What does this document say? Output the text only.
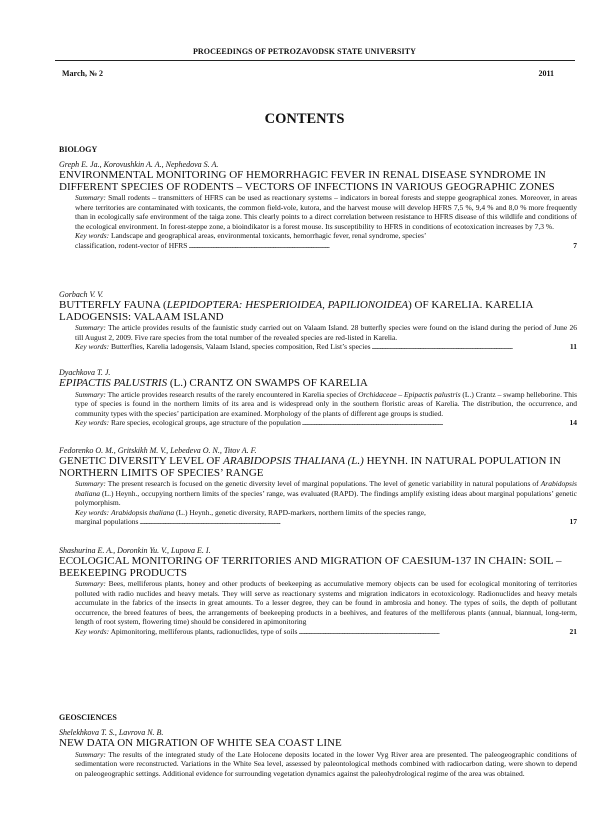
PROCEEDINGS OF PETROZAVODSK STATE UNIVERSITY
March, № 2	2011
CONTENTS
BIOLOGY
Greph E. Ja., Korovushkin A. A., Nephedova S. A.
ENVIRONMENTAL MONITORING OF HEMORRHAGIC FEVER IN RENAL DISEASE SYNDROME IN DIFFERENT SPECIES OF RODENTS – VECTORS OF INFECTIONS IN VARIOUS GEOGRAPHIC ZONES
Summary: Small rodents – transmitters of HFRS can be used as reactionary systems – indicators in boreal forests and steppe geographical zones. Moreover, in areas where territories are contaminated with toxicants, the common field-vole, kutora, and the harvest mouse will develop HFRS 7,5 %, 9,4 % and 8,0 % more frequently than in ecologically safe environment of the taiga zone. This clearly points to a direct correlation between resistance to HFRS disease of this wildlife and conditions of the ecological environment. In forest-steppe zone, a bioindikator is a forest mouse. Its susceptibility to HFRS in conditions of ecotoxication increases by 7,3 %.
Key words: Landscape and geographical areas, environmental toxicants, hemorrhagic fever, renal syndrome, species’
classification, rodent-vector of HFRS . . .	7
Gorbach V. V.
BUTTERFLY FAUNA (LEPIDOPTERA: HESPERIOIDEA, PAPILIONOIDEA) OF KARELIA. KARELIA LADOGENSIS: VALAAM ISLAND
Summary: The article provides results of the faunistic study carried out on Valaam Island. 28 butterfly species were found on the island during the period of June 26 till August 2, 2009. Five rare species from the total number of the revealed species are red-listed in Karelia.
Key words: Butterflies, Karelia ladogensis, Valaam Island, species composition, Red List’s species . . .	11
Dyachkova T. J.
EPIPACTIS PALUSTRIS (L.) CRANTZ ON SWAMPS OF KARELIA
Summary: The article provides research results of the rarely encountered in Karelia species of Orchidaceae – Epipactis palustris (L.) Crantz – swamp helleborine. This type of species is found in the northern limits of its area and is widespread only in the southern floristic areas of Karelia. The distribution, the occurrence, and community types with the species’ participation are examined. Morphology of the plants of different age groups is studied.
Key words: Rare species, ecological groups, age structure of the population . . .	14
Fedorenko O. M., Gritskikh M. V., Lebedeva O. N., Titov A. F.
GENETIC DIVERSITY LEVEL OF ARABIDOPSIS THALIANA (L.) HEYNH. IN NATURAL POPULATION IN NORTHERN LIMITS OF SPECIES’ RANGE
Summary: The present research is focused on the genetic diversity level of marginal populations. The level of genetic variability in natural populations of Arabidopsis thaliana (L.) Heynh., occupying northern limits of the species’ range, was evaluated (RAPD). The findings amplify existing ideas about marginal populations’ genetic polymorphism.
Key words: Arabidopsis thaliana (L.) Heynh., genetic diversity, RAPD-markers, northern limits of the species range,
marginal populations . . .	17
Shashurina E. A., Doronkin Yu. V., Lupova E. I.
ECOLOGICAL MONITORING OF TERRITORIES AND MIGRATION OF CAESIUM-137 IN CHAIN: SOIL – BEEKEEPING PRODUCTS
Summary: Bees, melliferous plants, honey and other products of beekeeping as accumulative memory objects can be used for ecological monitoring of territories polluted with radio nuclides and heavy metals. They will serve as reactionary systems and migration indicators in ecotoxicology. Radionuclides and heavy metals accumulate in the fabrics of the insects in great amounts. To a lesser degree, they can be found in ambrosia and honey. The types of soils, the depth of pollutant occurrence, the breed features of bees, the arrangements of beekeeping products in a beehives, and features of the melliferous plants (annual, biannual, long-term, length of root system, flowering time) should be considered in apimonitoring
Key words: Apimonitoring, melliferous plants, radionuclides, type of soils . . .	21
GEOSCIENCES
Shelekhkova T. S., Lavrova N. B.
NEW DATA ON MIGRATION OF WHITE SEA COAST LINE
Summary: The results of the integrated study of the Late Holocene deposits located in the lower Vyg River area are presented. The paleogeographic conditions of sedimentation were reconstructed. Variations in the White Sea level, assessed by paleontological methods combined with radiocarbon dating, were shown to depend on paleogeographic settings. Additional evidence for surrounding vegetation dynamics against the paleohydrological regime of the area was obtained.
